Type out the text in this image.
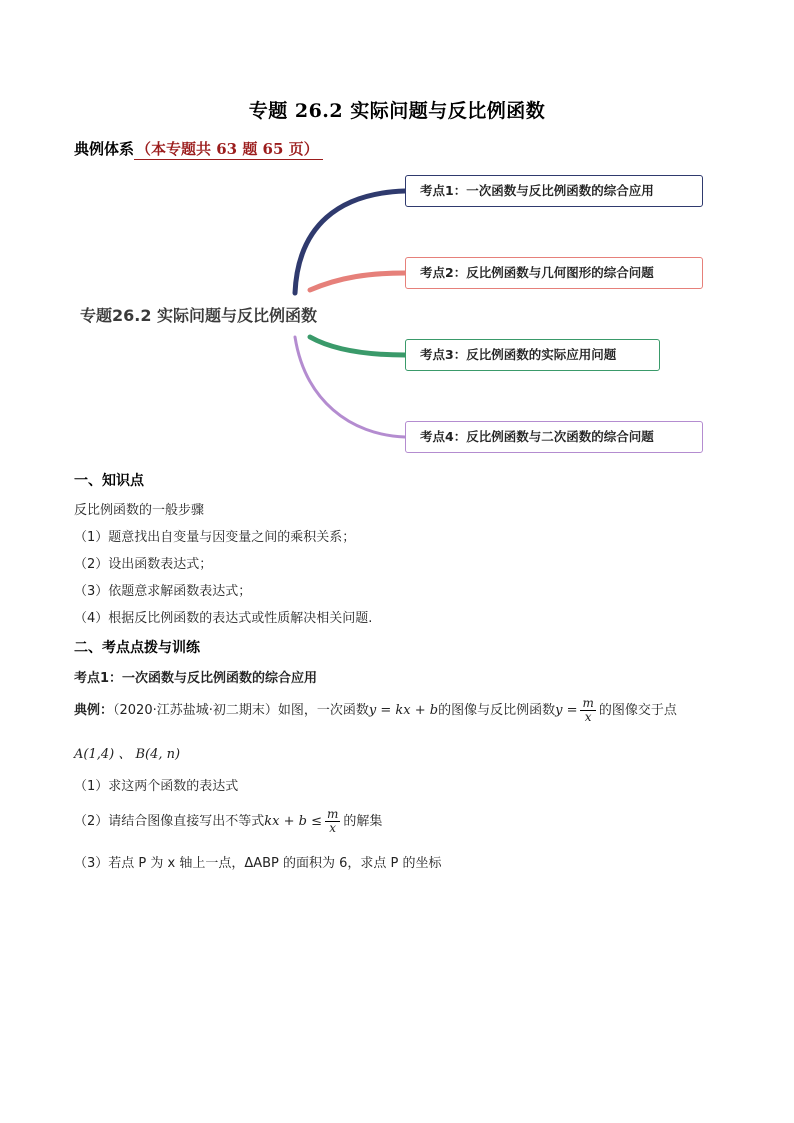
专题 26.2 实际问题与反比例函数
典例体系 （本专题共 63 题 65 页）
专题26.2 实际问题与反比例函数
考点1：一次函数与反比例函数的综合应用
考点2：反比例函数与几何图形的综合问题
考点3：反比例函数的实际应用问题
考点4：反比例函数与二次函数的综合问题
一、知识点
反比例函数的一般步骤
（1）题意找出自变量与因变量之间的乘积关系；
（2）设出函数表达式；
（3）依题意求解函数表达式；
（4）根据反比例函数的表达式或性质解决相关问题.
二、考点点拨与训练
考点1：一次函数与反比例函数的综合应用
典例：（2020·江苏盐城·初二期末）如图，一次函数y = kx + b的图像与反比例函数$y = \frac{m}{x}$ 的图像交于点
A(1,4) 、 B(4, n)
（1）求这两个函数的表达式
（2）请结合图像直接写出不等式kx + $b \le \frac{m}{x}$ 的解集
（3）若点 P 为 x 轴上一点，ΔABP 的面积为 6，求点 P 的坐标
